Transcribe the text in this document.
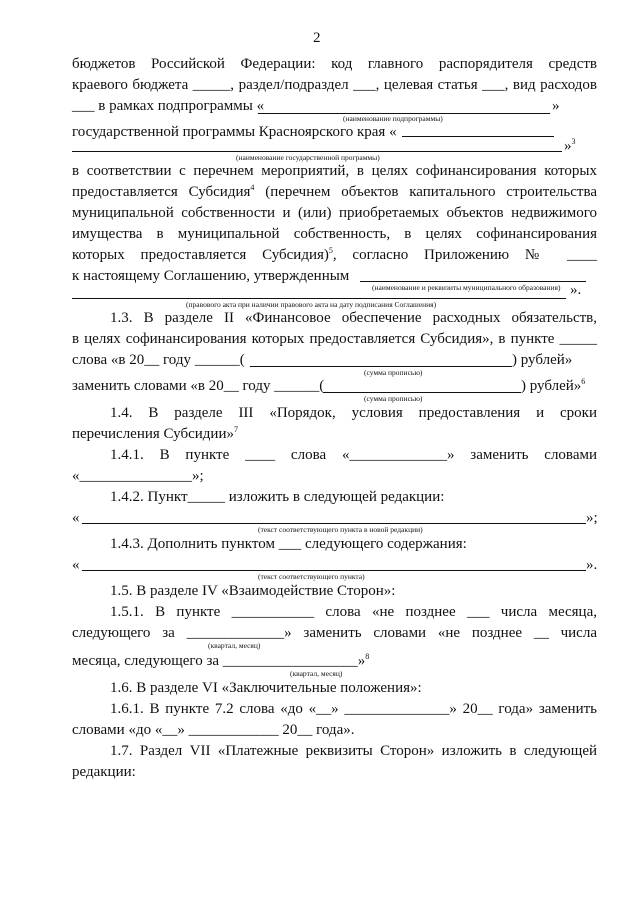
2
бюджетов Российской Федерации: код главного распорядителя средств
краевого бюджета _____, раздел/подраздел ___, целевая статья ___, вид расходов
___ в рамках подпрограммы «	»
(наименование подпрограммы)
государственной программы Красноярского края «
»$^3$
(наименование государственной программы)
в соответствии с перечнем мероприятий, в целях софинансирования которых
предоставляется Субсидия$^4$ (перечнем объектов капитального строительства
муниципальной собственности и (или) приобретаемых объектов недвижимого
имущества в муниципальной собственность, в целях софинансирования
которых предоставляется Субсидия)$^5$, согласно Приложению № ____
к настоящему Соглашению, утвержденным
(наименование и реквизиты муниципального образования) ».
(правового акта при наличии правового акта на дату подписания Соглашения)
1.3. В разделе II «Финансовое обеспечение расходных обязательств,
в целях софинансирования которых предоставляется Субсидия», в пункте _____
слова «в 20__ году ______(	) рублей»
(сумма прописью)
заменить словами «в 20__ году ______(	) рублей»$^6$
(сумма прописью)
1.4. В разделе III «Порядок, условия предоставления и сроки
перечисления Субсидии»$^7$
1.4.1. В пункте ____ слова «_____________» заменить словами
«_______________»;
1.4.2. Пункт_____ изложить в следующей редакции:
«	»;
(текст соответствующего пункта в новой редакции)
1.4.3. Дополнить пунктом ___ следующего содержания:
«	».
(текст соответствующего пункта)
1.5. В разделе IV «Взаимодействие Сторон»:
1.5.1. В пункте ___________ слова «не позднее ___ числа месяца,
следующего за _____________» заменить словами «не позднее __ числа
(квартал, месяц)
месяца, следующего за __________________»$^8$
(квартал, месяц)
1.6. В разделе VI «Заключительные положения»:
1.6.1. В пункте 7.2 слова «до «__» ______________» 20__ года» заменить
словами «до «__» ____________ 20__ года».
1.7. Раздел VII «Платежные реквизиты Сторон» изложить в следующей
редакции:
